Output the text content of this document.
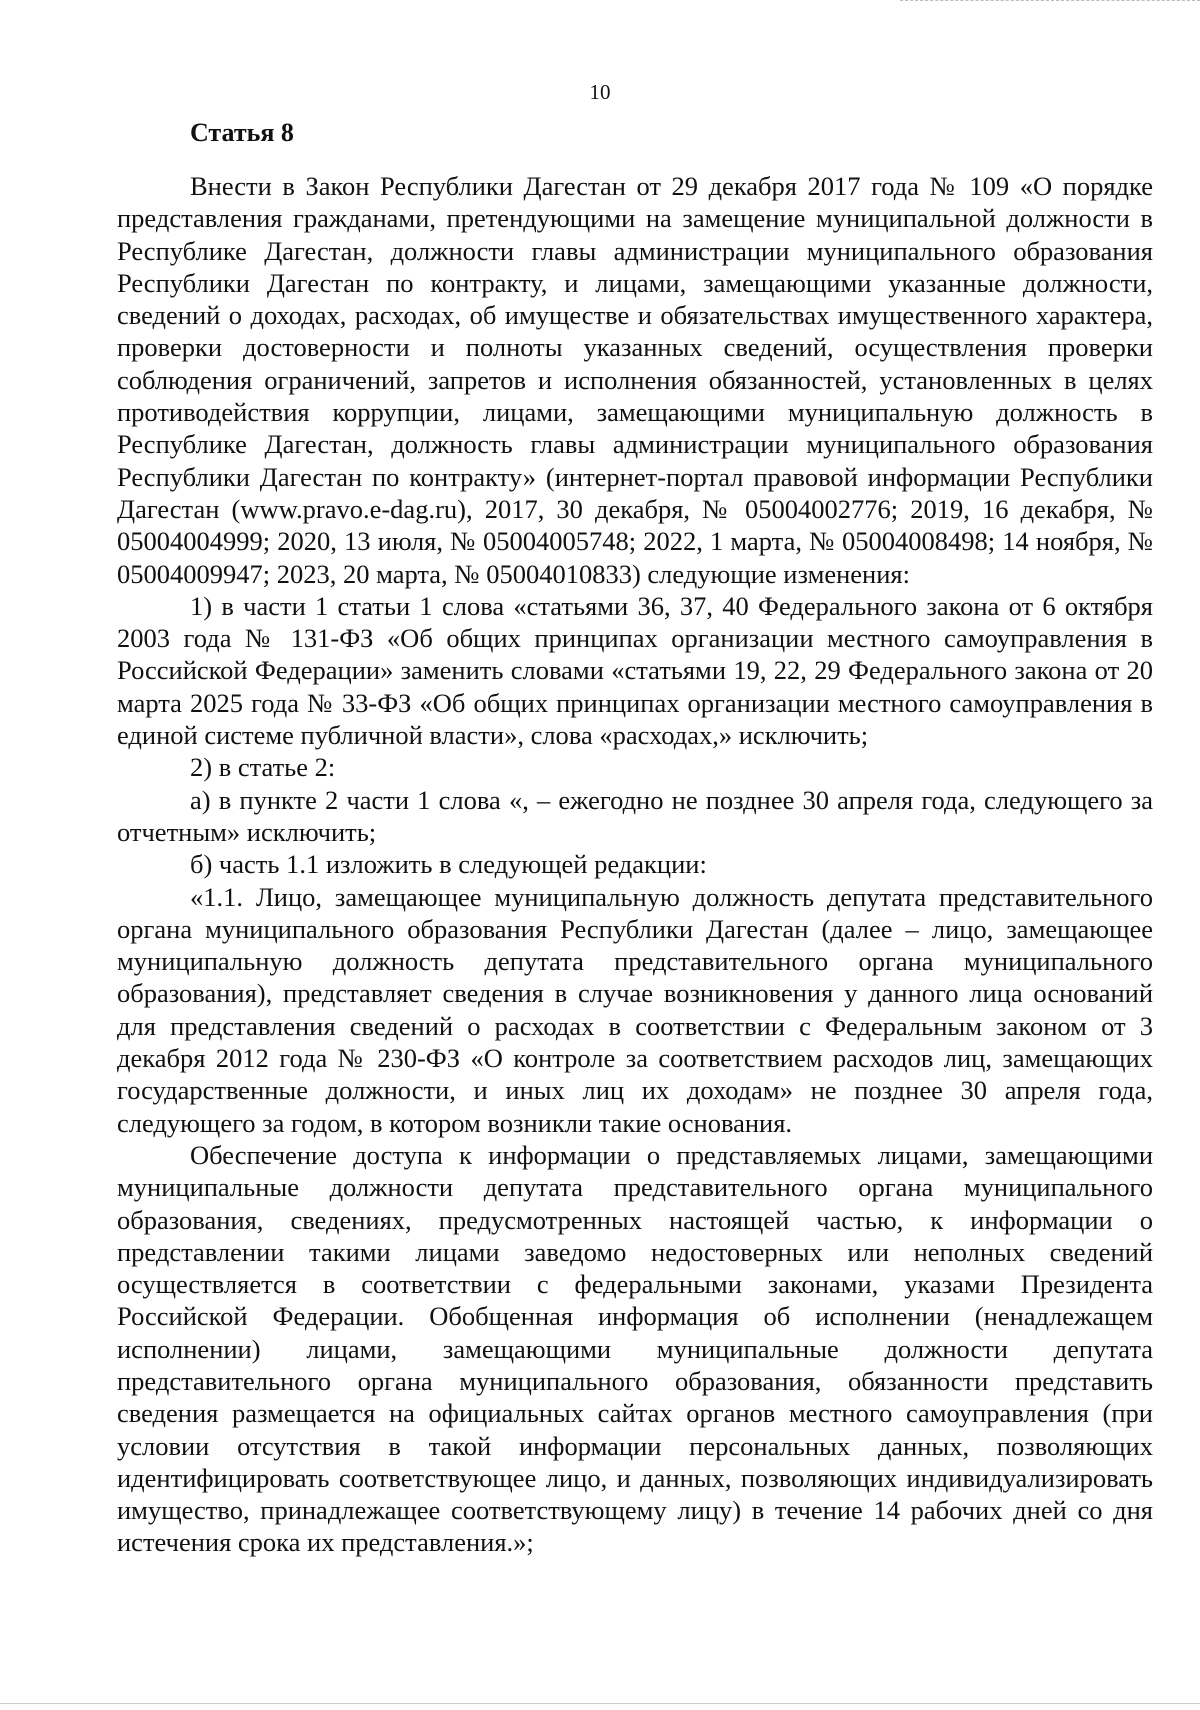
10
Статья 8

Внести в Закон Республики Дагестан от 29 декабря 2017 года № 109 «О порядке представления гражданами, претендующими на замещение муниципальной должности в Республике Дагестан, должности главы администрации муниципального образования Республики Дагестан по контракту, и лицами, замещающими указанные должности, сведений о доходах, расходах, об имуществе и обязательствах имущественного характера, проверки достоверности и полноты указанных сведений, осуществления проверки соблюдения ограничений, запретов и исполнения обязанностей, установленных в целях противодействия коррупции, лицами, замещающими муниципальную должность в Республике Дагестан, должность главы администрации муниципального образования Республики Дагестан по контракту» (интернет-портал правовой информации Республики Дагестан (www.pravo.e-dag.ru), 2017, 30 декабря, № 05004002776; 2019, 16 декабря, № 05004004999; 2020, 13 июля, № 05004005748; 2022, 1 марта, № 05004008498; 14 ноября, № 05004009947; 2023, 20 марта, № 05004010833) следующие изменения:

1) в части 1 статьи 1 слова «статьями 36, 37, 40 Федерального закона от 6 октября 2003 года № 131-ФЗ «Об общих принципах организации местного самоуправления в Российской Федерации» заменить словами «статьями 19, 22, 29 Федерального закона от 20 марта 2025 года № 33-ФЗ «Об общих принципах организации местного самоуправления в единой системе публичной власти», слова «расходах,» исключить;

2) в статье 2:

а) в пункте 2 части 1 слова «, – ежегодно не позднее 30 апреля года, следующего за отчетным» исключить;

б) часть 1.1 изложить в следующей редакции:

«1.1. Лицо, замещающее муниципальную должность депутата представительного органа муниципального образования Республики Дагестан (далее – лицо, замещающее муниципальную должность депутата представительного органа муниципального образования), представляет сведения в случае возникновения у данного лица оснований для представления сведений о расходах в соответствии с Федеральным законом от 3 декабря 2012 года № 230-ФЗ «О контроле за соответствием расходов лиц, замещающих государственные должности, и иных лиц их доходам» не позднее 30 апреля года, следующего за годом, в котором возникли такие основания.

Обеспечение доступа к информации о представляемых лицами, замещающими муниципальные должности депутата представительного органа муниципального образования, сведениях, предусмотренных настоящей частью, к информации о представлении такими лицами заведомо недостоверных или неполных сведений осуществляется в соответствии с федеральными законами, указами Президента Российской Федерации. Обобщенная информация об исполнении (ненадлежащем исполнении) лицами, замещающими муниципальные должности депутата представительного органа муниципального образования, обязанности представить сведения размещается на официальных сайтах органов местного самоуправления (при условии отсутствия в такой информации персональных данных, позволяющих идентифицировать соответствующее лицо, и данных, позволяющих индивидуализировать имущество, принадлежащее соответствующему лицу) в течение 14 рабочих дней со дня истечения срока их представления.»;
